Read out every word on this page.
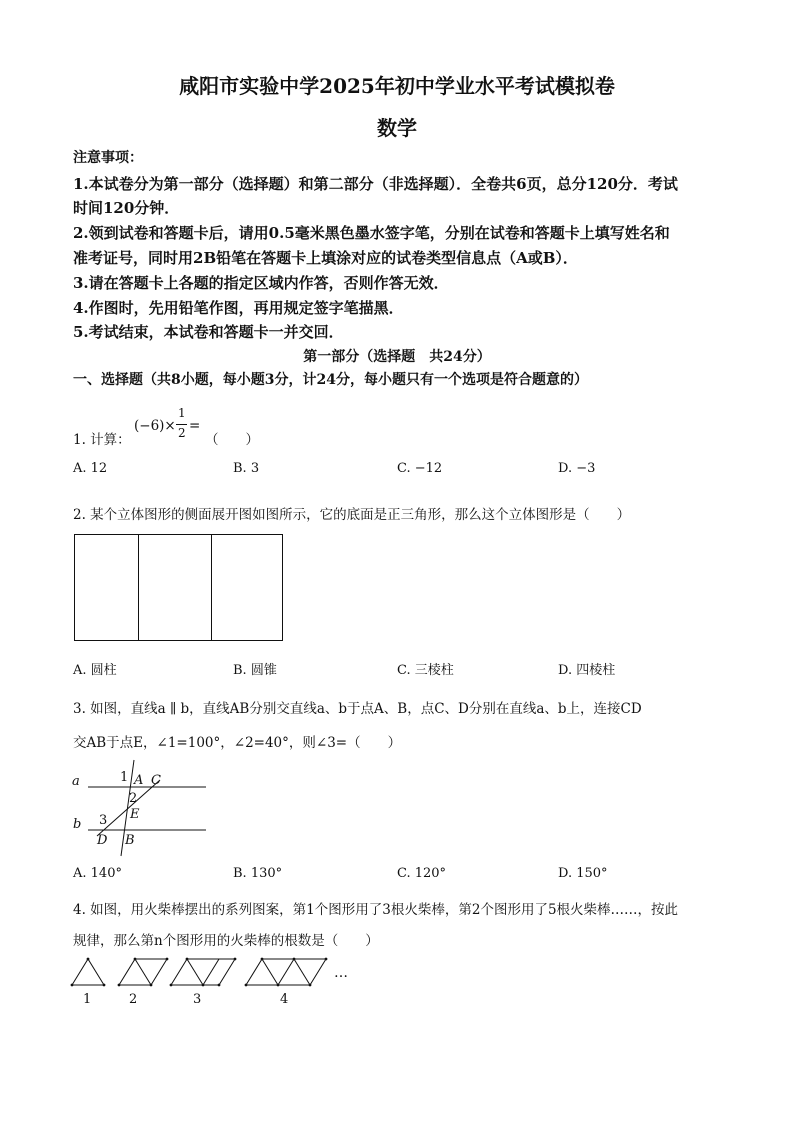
咸阳市实验中学2025年初中学业水平考试模拟卷
数学
注意事项：
1.本试卷分为第一部分（选择题）和第二部分（非选择题）．全卷共6页，总分120分．考试
时间120分钟．
2.领到试卷和答题卡后，请用0.5毫米黑色墨水签字笔，分别在试卷和答题卡上填写姓名和
准考证号，同时用2B铅笔在答题卡上填涂对应的试卷类型信息点（A或B）．
3.请在答题卡上各题的指定区域内作答，否则作答无效．
4.作图时，先用铅笔作图，再用规定签字笔描黑．
5.考试结束，本试卷和答题卡一并交回．
第一部分（选择题　共24分）
一、选择题（共8小题，每小题3分，计24分，每小题只有一个选项是符合题意的）
1. 计算：
(−6)×
1
2 =
（　　）
A. 12	B. 3	C. −12	D. −3
2. 某个立体图形的侧面展开图如图所示，它的底面是正三角形，那么这个立体图形是（　　）
A. 圆柱	B. 圆锥	C. 三棱柱	D. 四棱柱
3. 如图，直线a ∥ b，直线AB分别交直线a、b于点A、B，点C、D分别在直线a、b上，连接CD
交AB于点E，∠1=100°，∠2=40°，则∠3=（　　）
a
b
1 A C
2
E
3
D B
A. 140°	B. 130°	C. 120°	D. 150°
4. 如图，用火柴棒摆出的系列图案，第1个图形用了3根火柴棒，第2个图形用了5根火柴棒……，按此
规律，那么第n个图形用的火柴棒的根数是（　　）
1	2	3	4
…
